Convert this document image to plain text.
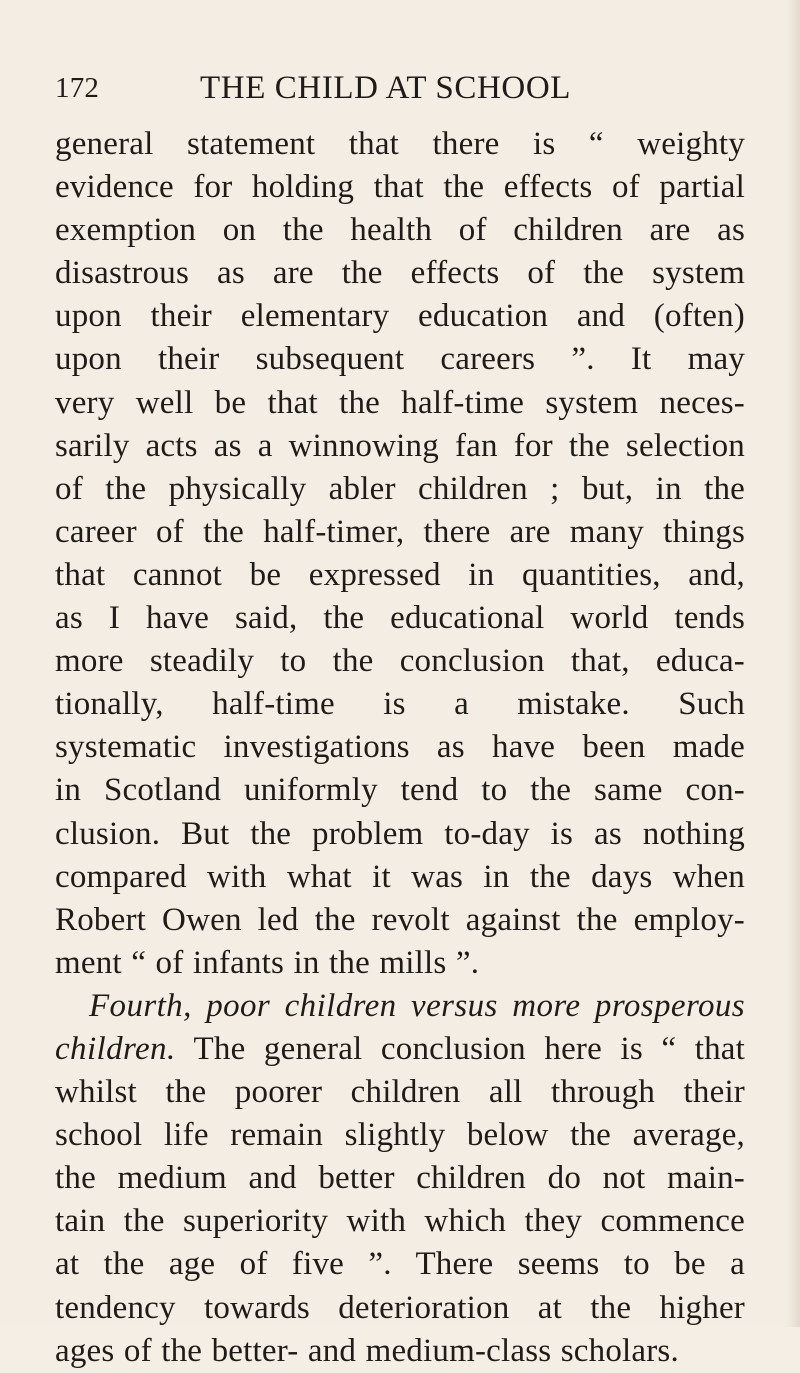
172	THE CHILD AT SCHOOL
general statement that there is “ weighty
evidence for holding that the effects of partial
exemption on the health of children are as
disastrous as are the effects of the system
upon their elementary education and (often)
upon their subsequent careers ”. It may
very well be that the half-time system neces-
sarily acts as a winnowing fan for the selection
of the physically abler children ; but, in the
career of the half-timer, there are many things
that cannot be expressed in quantities, and,
as I have said, the educational world tends
more steadily to the conclusion that, educa-
tionally, half-time is a mistake. Such
systematic investigations as have been made
in Scotland uniformly tend to the same con-
clusion. But the problem to-day is as nothing
compared with what it was in the days when
Robert Owen led the revolt against the employ-
ment “ of infants in the mills ”.
Fourth, poor children versus more prosperous
children. The general conclusion here is “ that
whilst the poorer children all through their
school life remain slightly below the average,
the medium and better children do not main-
tain the superiority with which they commence
at the age of five ”. There seems to be a
tendency towards deterioration at the higher
ages of the better- and medium-class scholars.
